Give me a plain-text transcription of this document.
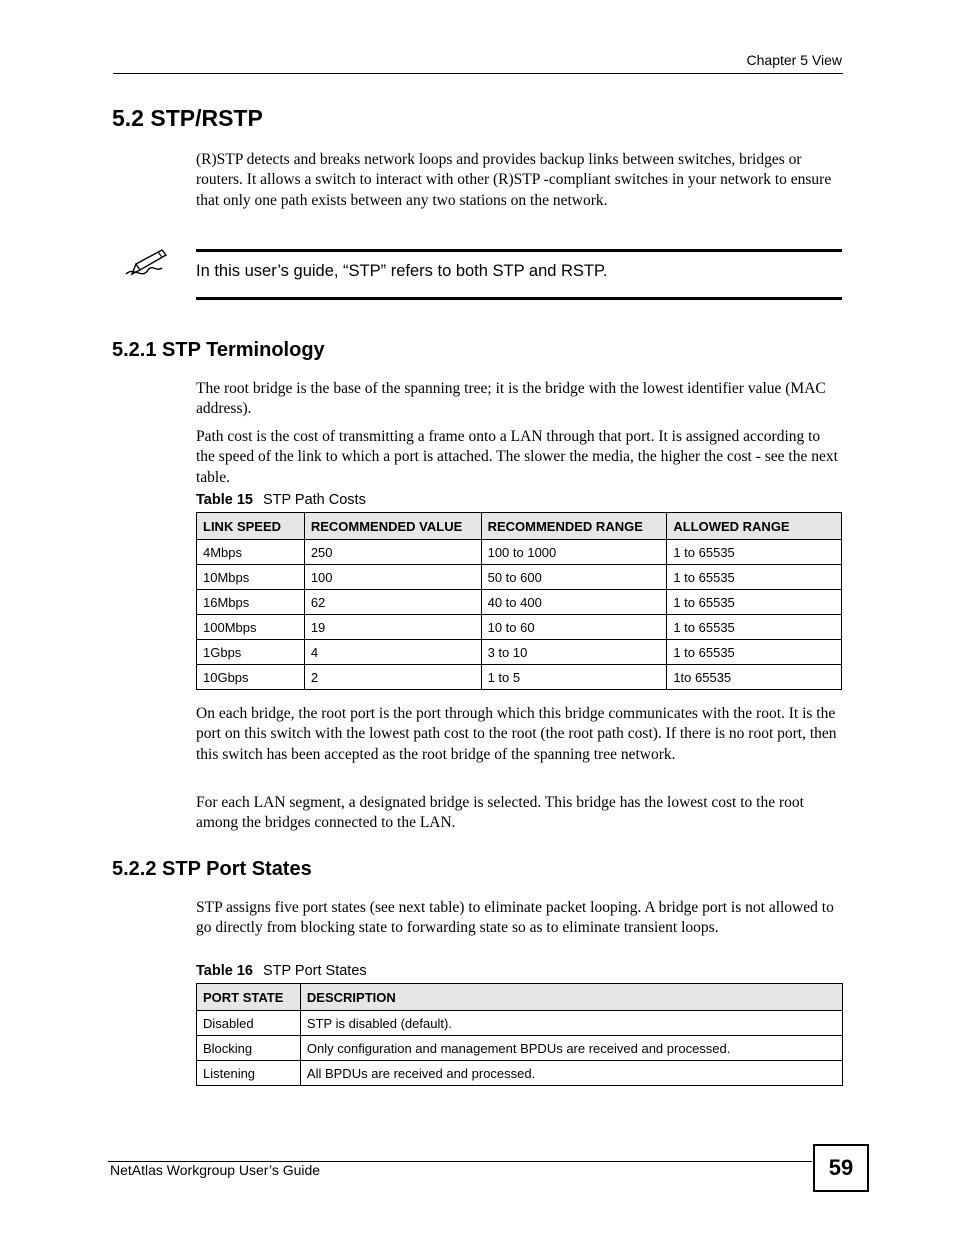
Chapter 5 View
5.2 STP/RSTP
(R)STP detects and breaks network loops and provides backup links between switches, bridges or routers. It allows a switch to interact with other (R)STP -compliant switches in your network to ensure that only one path exists between any two stations on the network.
In this user’s guide, “STP” refers to both STP and RSTP.
5.2.1 STP Terminology
The root bridge is the base of the spanning tree; it is the bridge with the lowest identifier value (MAC address).
Path cost is the cost of transmitting a frame onto a LAN through that port. It is assigned according to the speed of the link to which a port is attached. The slower the media, the higher the cost - see the next table.
Table 15 STP Path Costs
LINK SPEED	RECOMMENDED VALUE	RECOMMENDED RANGE	ALLOWED RANGE
4Mbps	250	100 to 1000	1 to 65535
10Mbps	100	50 to 600	1 to 65535
16Mbps	62	40 to 400	1 to 65535
100Mbps	19	10 to 60	1 to 65535
1Gbps	4	3 to 10	1 to 65535
10Gbps	2	1 to 5	1to 65535
On each bridge, the root port is the port through which this bridge communicates with the root. It is the port on this switch with the lowest path cost to the root (the root path cost). If there is no root port, then this switch has been accepted as the root bridge of the spanning tree network.
For each LAN segment, a designated bridge is selected. This bridge has the lowest cost to the root among the bridges connected to the LAN.
5.2.2 STP Port States
STP assigns five port states (see next table) to eliminate packet looping. A bridge port is not allowed to go directly from blocking state to forwarding state so as to eliminate transient loops.
Table 16 STP Port States
PORT STATE	DESCRIPTION
Disabled	STP is disabled (default).
Blocking	Only configuration and management BPDUs are received and processed.
Listening	All BPDUs are received and processed.
NetAtlas Workgroup User’s Guide	59
